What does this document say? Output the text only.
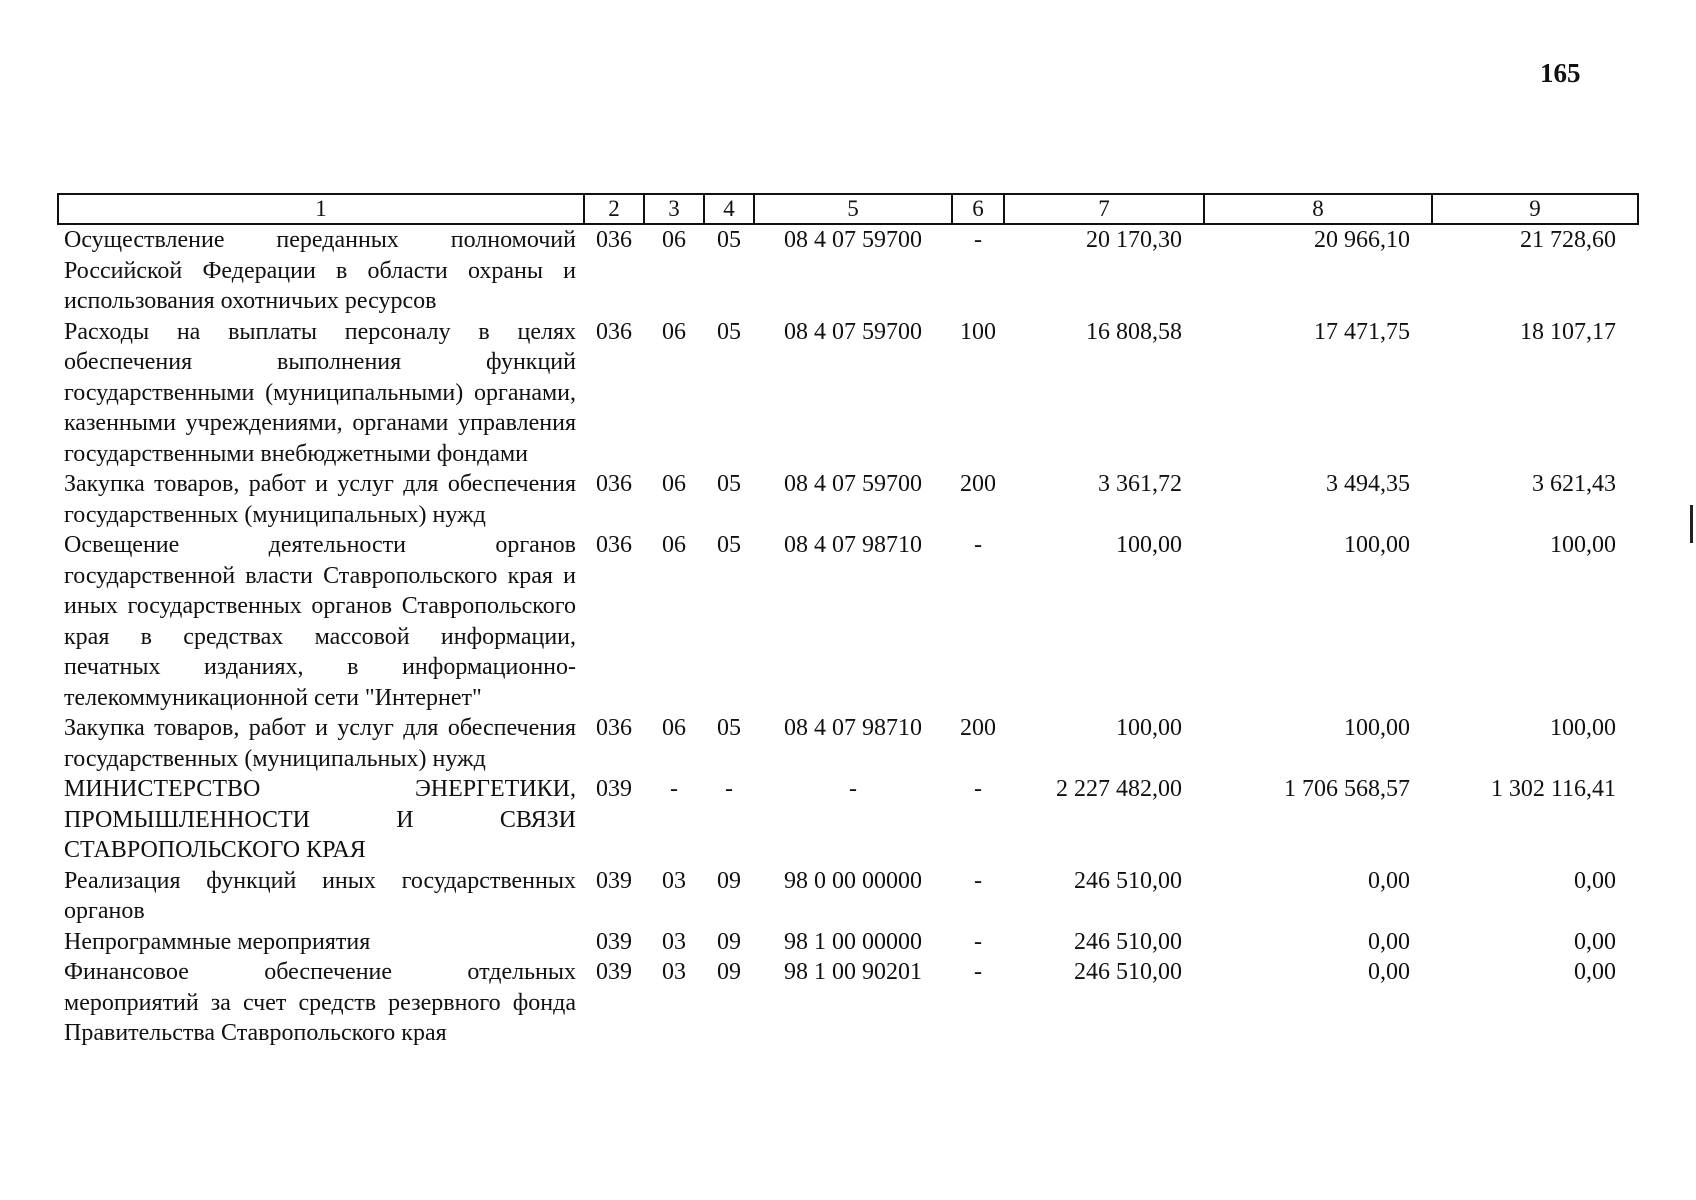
165
1	2	3	4	5	6	7	8	9
Осуществление переданных полномочий Российской Федерации в области охраны и использования охотничьих ресурсов	036	06	05	08 4 07 59700	-	20 170,30	20 966,10	21 728,60
Расходы на выплаты персоналу в целях обеспечения выполнения функций государственными (муниципальными) органами, казенными учреждениями, органами управления государственными внебюджетными фондами	036	06	05	08 4 07 59700	100	16 808,58	17 471,75	18 107,17
Закупка товаров, работ и услуг для обеспечения государственных (муниципальных) нужд	036	06	05	08 4 07 59700	200	3 361,72	3 494,35	3 621,43
Освещение деятельности органов государственной власти Ставропольского края и иных государственных органов Ставропольского края в средствах массовой информации, печатных изданиях, в информационно-телекоммуникационной сети "Интернет"	036	06	05	08 4 07 98710	-	100,00	100,00	100,00
Закупка товаров, работ и услуг для обеспечения государственных (муниципальных) нужд	036	06	05	08 4 07 98710	200	100,00	100,00	100,00
МИНИСТЕРСТВО ЭНЕРГЕТИКИ, ПРОМЫШЛЕННОСТИ И СВЯЗИ СТАВРОПОЛЬСКОГО КРАЯ	039	-	-	-	-	2 227 482,00	1 706 568,57	1 302 116,41
Реализация функций иных государственных органов	039	03	09	98 0 00 00000	-	246 510,00	0,00	0,00
Непрограммные мероприятия	039	03	09	98 1 00 00000	-	246 510,00	0,00	0,00
Финансовое обеспечение отдельных мероприятий за счет средств резервного фонда Правительства Ставропольского края	039	03	09	98 1 00 90201	-	246 510,00	0,00	0,00
